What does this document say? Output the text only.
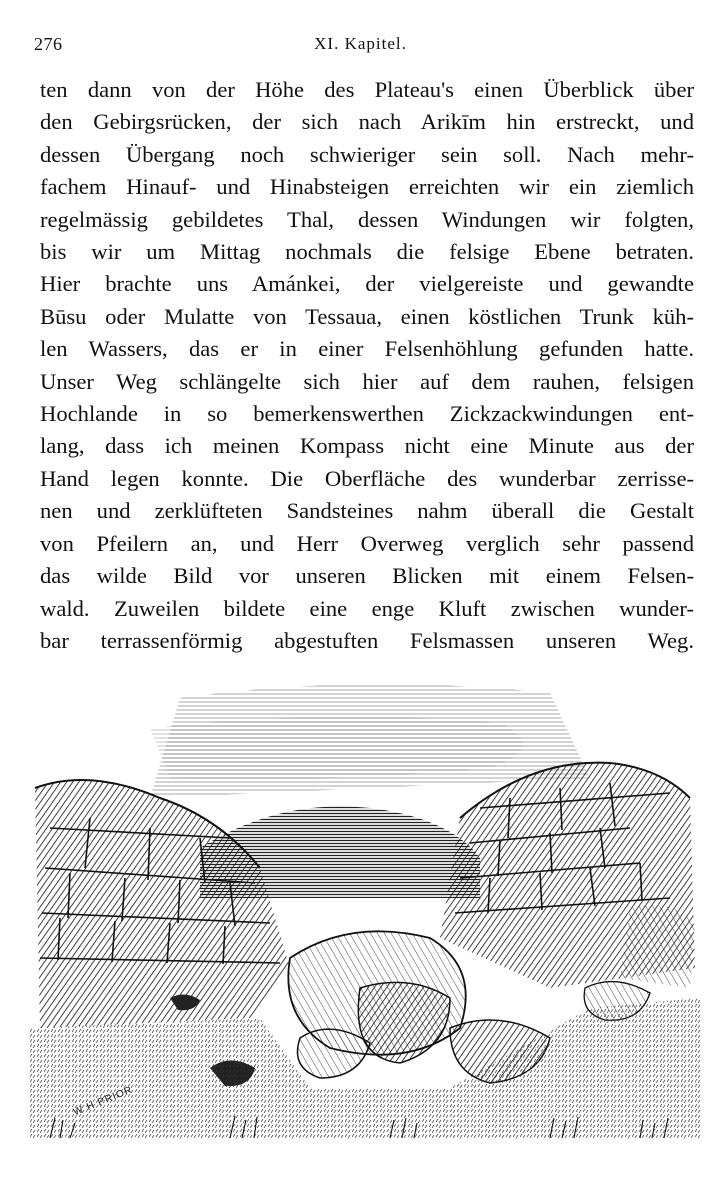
276	XI. Kapitel.
ten dann von der Höhe des Plateau's einen Überblick über
den Gebirgsrücken, der sich nach Arikīm hin erstreckt, und
dessen Übergang noch schwieriger sein soll. Nach mehr-
fachem Hinauf- und Hinabsteigen erreichten wir ein ziemlich
regelmässig gebildetes Thal, dessen Windungen wir folgten,
bis wir um Mittag nochmals die felsige Ebene betraten.
Hier brachte uns Amánkei, der vielgereiste und gewandte
Būsu oder Mulatte von Tessaua, einen köstlichen Trunk küh-
len Wassers, das er in einer Felsenhöhlung gefunden hatte.
Unser Weg schlängelte sich hier auf dem rauhen, felsigen
Hochlande in so bemerkenswerthen Zickzackwindungen ent-
lang, dass ich meinen Kompass nicht eine Minute aus der
Hand legen konnte. Die Oberfläche des wunderbar zerrisse-
nen und zerklüfteten Sandsteines nahm überall die Gestalt
von Pfeilern an, und Herr Overweg verglich sehr passend
das wilde Bild vor unseren Blicken mit einem Felsen-
wald. Zuweilen bildete eine enge Kluft zwischen wunder-
bar terrassenförmig abgestuften Felsmassen unseren Weg.
W H PRIOR
